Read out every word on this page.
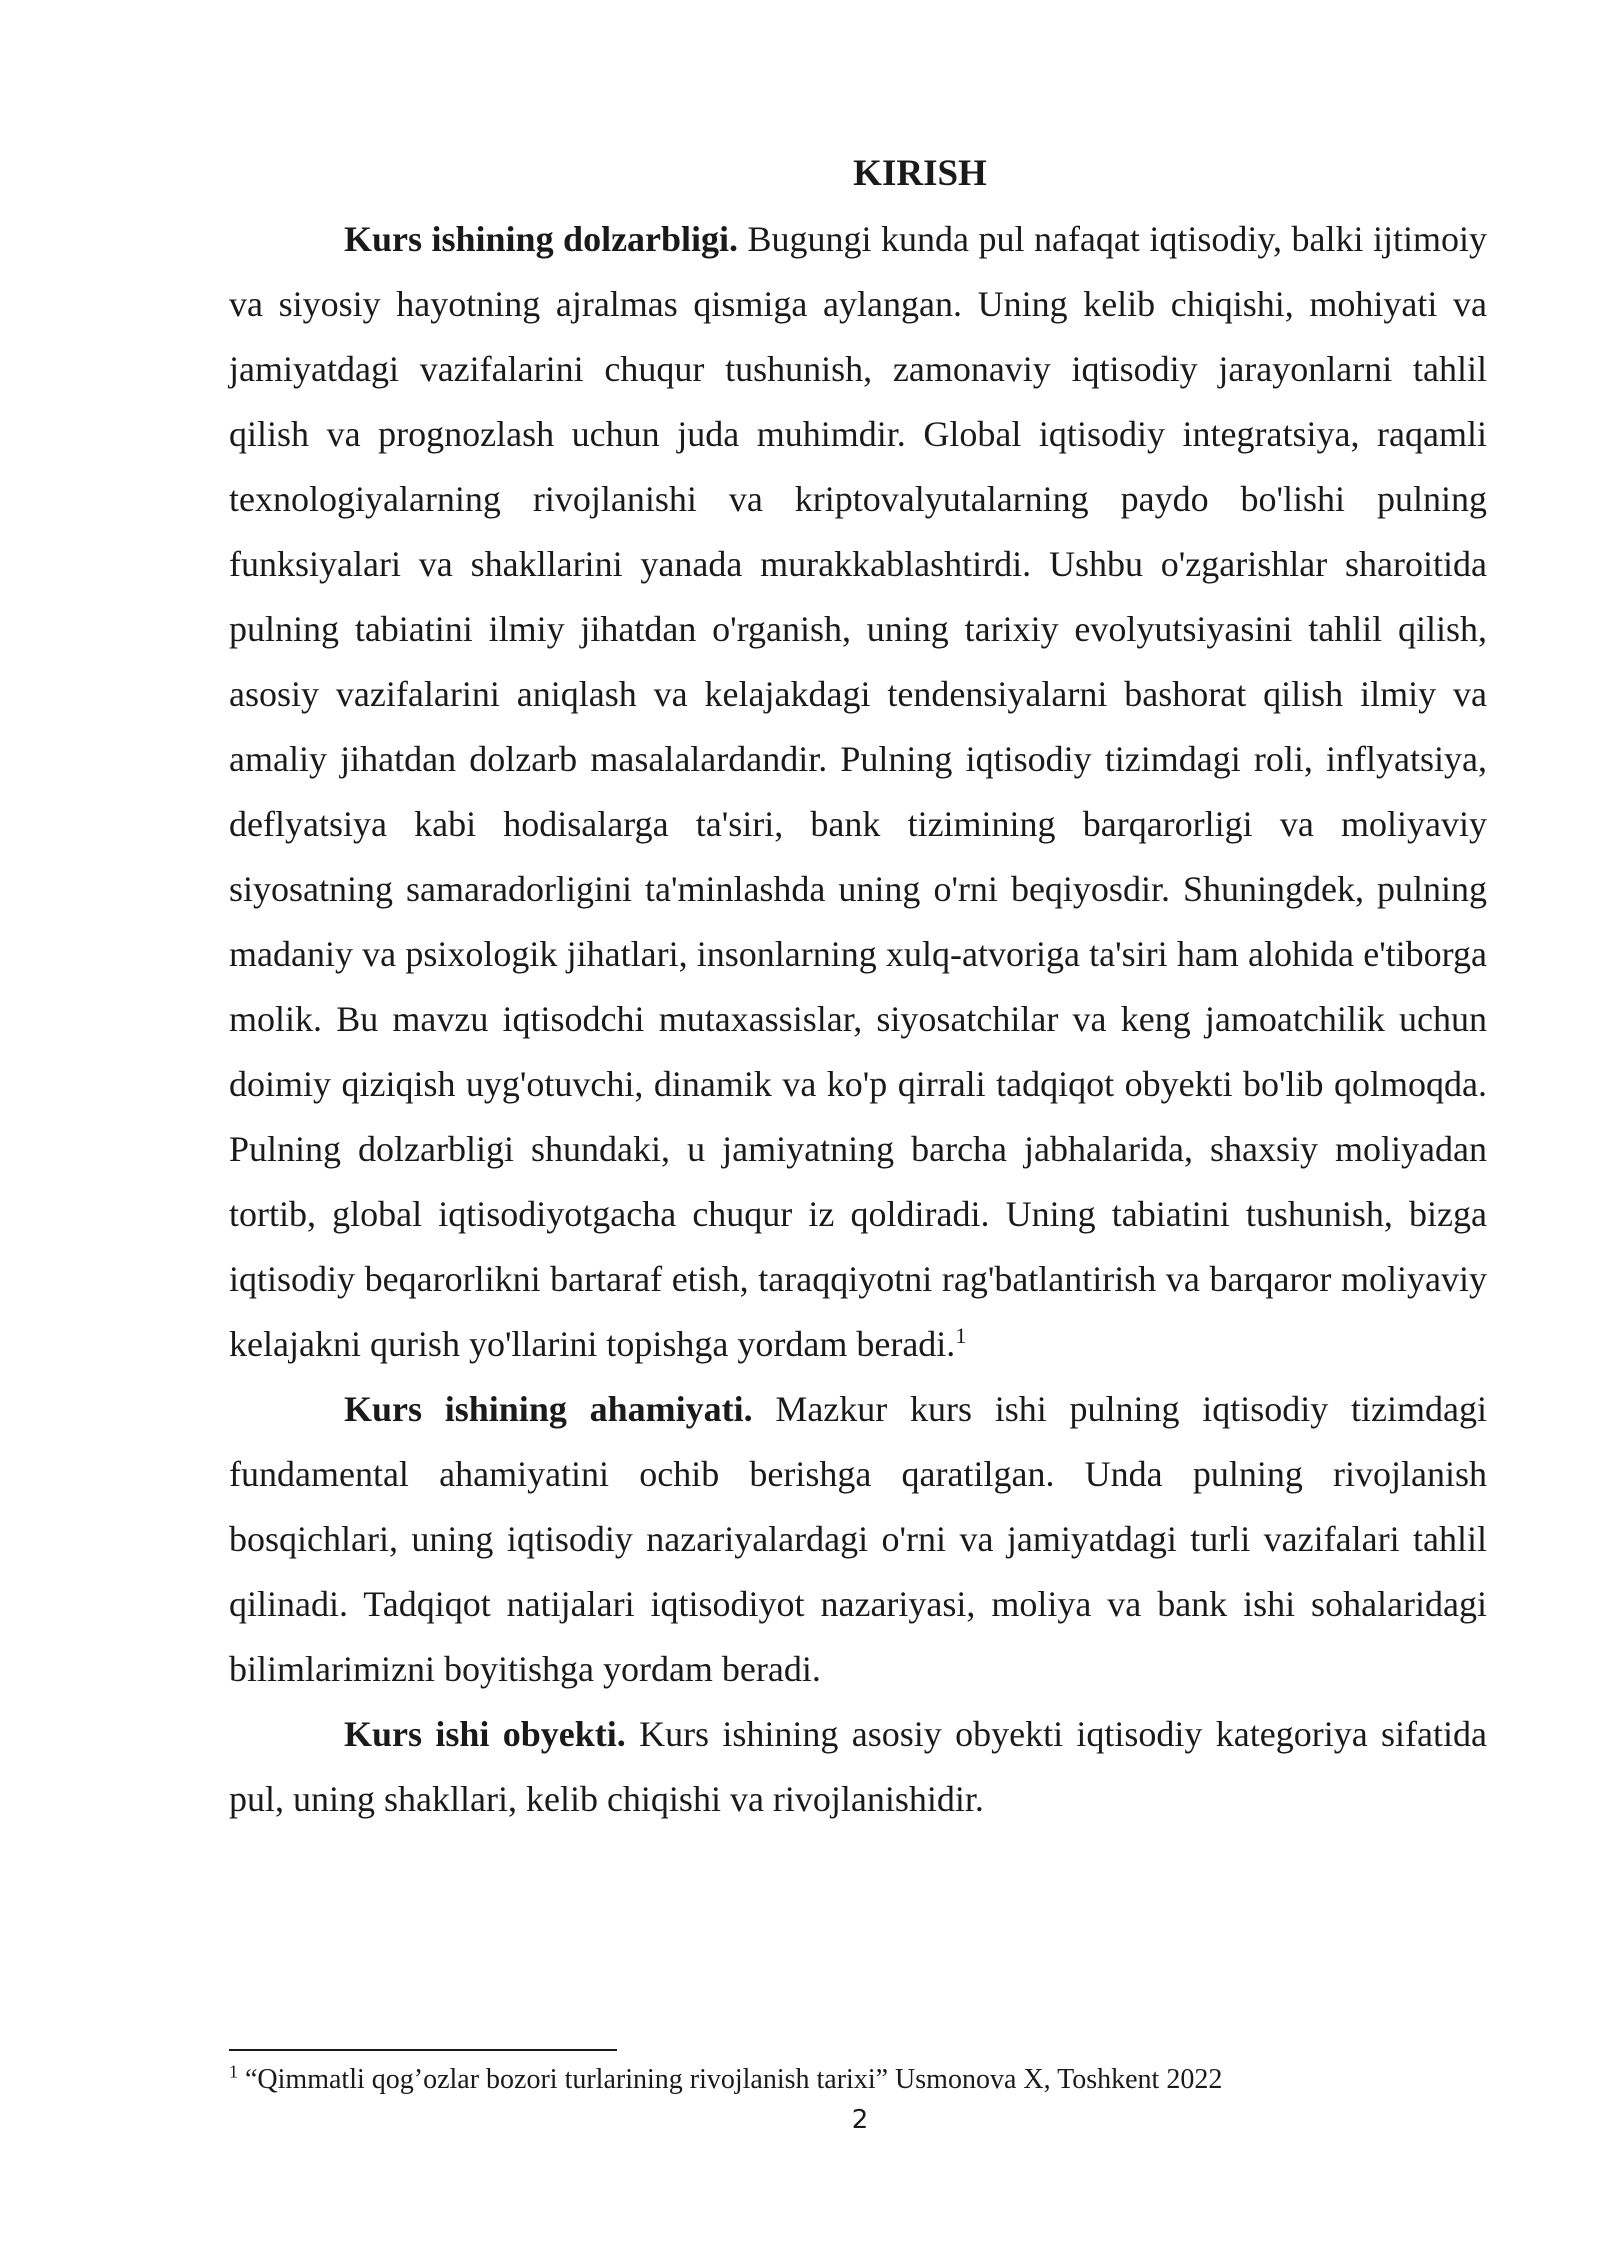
KIRISH

Kurs ishining dolzarbligi. Bugungi kunda pul nafaqat iqtisodiy, balki ijtimoiy va siyosiy hayotning ajralmas qismiga aylangan. Uning kelib chiqishi, mohiyati va jamiyatdagi vazifalarini chuqur tushunish, zamonaviy iqtisodiy jarayonlarni tahlil qilish va prognozlash uchun juda muhimdir. Global iqtisodiy integratsiya, raqamli texnologiyalarning rivojlanishi va kriptovalyutalarning paydo bo'lishi pulning funksiyalari va shakllarini yanada murakkablashtirdi. Ushbu o'zgarishlar sharoitida pulning tabiatini ilmiy jihatdan o'rganish, uning tarixiy evolyutsiyasini tahlil qilish, asosiy vazifalarini aniqlash va kelajakdagi tendensiyalarni bashorat qilish ilmiy va amaliy jihatdan dolzarb masalalardandir. Pulning iqtisodiy tizimdagi roli, inflyatsiya, deflyatsiya kabi hodisalarga ta'siri, bank tizimining barqarorligi va moliyaviy siyosatning samaradorligini ta'minlashda uning o'rni beqiyosdir. Shuningdek, pulning madaniy va psixologik jihatlari, insonlarning xulq-atvoriga ta'siri ham alohida e'tiborga molik. Bu mavzu iqtisodchi mutaxassislar, siyosatchilar va keng jamoatchilik uchun doimiy qiziqish uyg'otuvchi, dinamik va ko'p qirrali tadqiqot obyekti bo'lib qolmoqda. Pulning dolzarbligi shundaki, u jamiyatning barcha jabhalarida, shaxsiy moliyadan tortib, global iqtisodiyotgacha chuqur iz qoldiradi. Uning tabiatini tushunish, bizga iqtisodiy beqarorlikni bartaraf etish, taraqqiyotni rag'batlantirish va barqaror moliyaviy kelajakni qurish yo'llarini topishga yordam beradi.$^1$

Kurs ishining ahamiyati. Mazkur kurs ishi pulning iqtisodiy tizimdagi fundamental ahamiyatini ochib berishga qaratilgan. Unda pulning rivojlanish bosqichlari, uning iqtisodiy nazariyalardagi o'rni va jamiyatdagi turli vazifalari tahlil qilinadi. Tadqiqot natijalari iqtisodiyot nazariyasi, moliya va bank ishi sohalaridagi bilimlarimizni boyitishga yordam beradi.

Kurs ishi obyekti. Kurs ishining asosiy obyekti iqtisodiy kategoriya sifatida pul, uning shakllari, kelib chiqishi va rivojlanishidir.

$^1$ “Qimmatli qog’ozlar bozori turlarining rivojlanish tarixi” Usmonova X, Toshkent 2022

2
